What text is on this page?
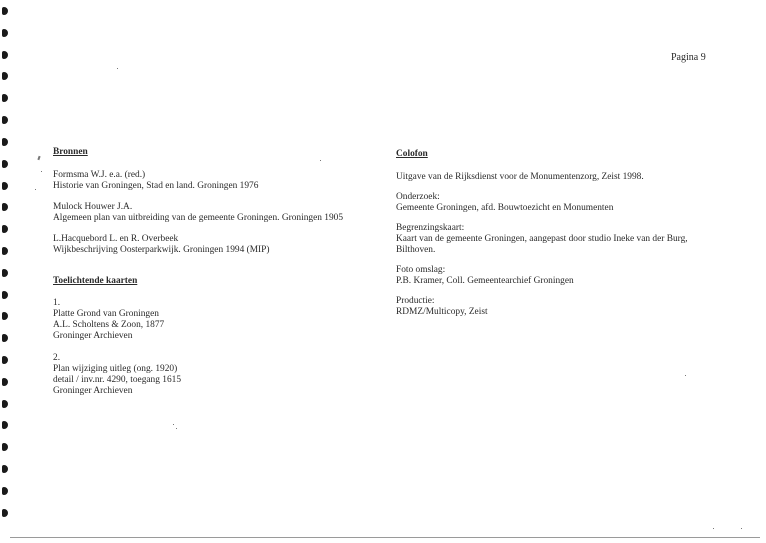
Pagina 9

Bronnen

Formsma W.J. e.a. (red.)
Historie van Groningen, Stad en land. Groningen 1976
Mulock Houwer J.A.
Algemeen plan van uitbreiding van de gemeente Groningen. Groningen 1905
L.Hacquebord L. en R. Overbeek
Wijkbeschrijving Oosterparkwijk. Groningen 1994 (MIP)

Toelichtende kaarten

1.
Platte Grond van Groningen
A.L. Scholtens & Zoon, 1877
Groninger Archieven
2.
Plan wijziging uitleg (ong. 1920)
detail / inv.nr. 4290, toegang 1615
Groninger Archieven

Colofon

Uitgave van de Rijksdienst voor de Monumentenzorg, Zeist 1998.
Onderzoek:
Gemeente Groningen, afd. Bouwtoezicht en Monumenten
Begrenzingskaart:
Kaart van de gemeente Groningen, aangepast door studio Ineke van der Burg,
Bilthoven.
Foto omslag:
P.B. Kramer, Coll. Gemeentearchief Groningen
Productie:
RDMZ/Multicopy, Zeist
